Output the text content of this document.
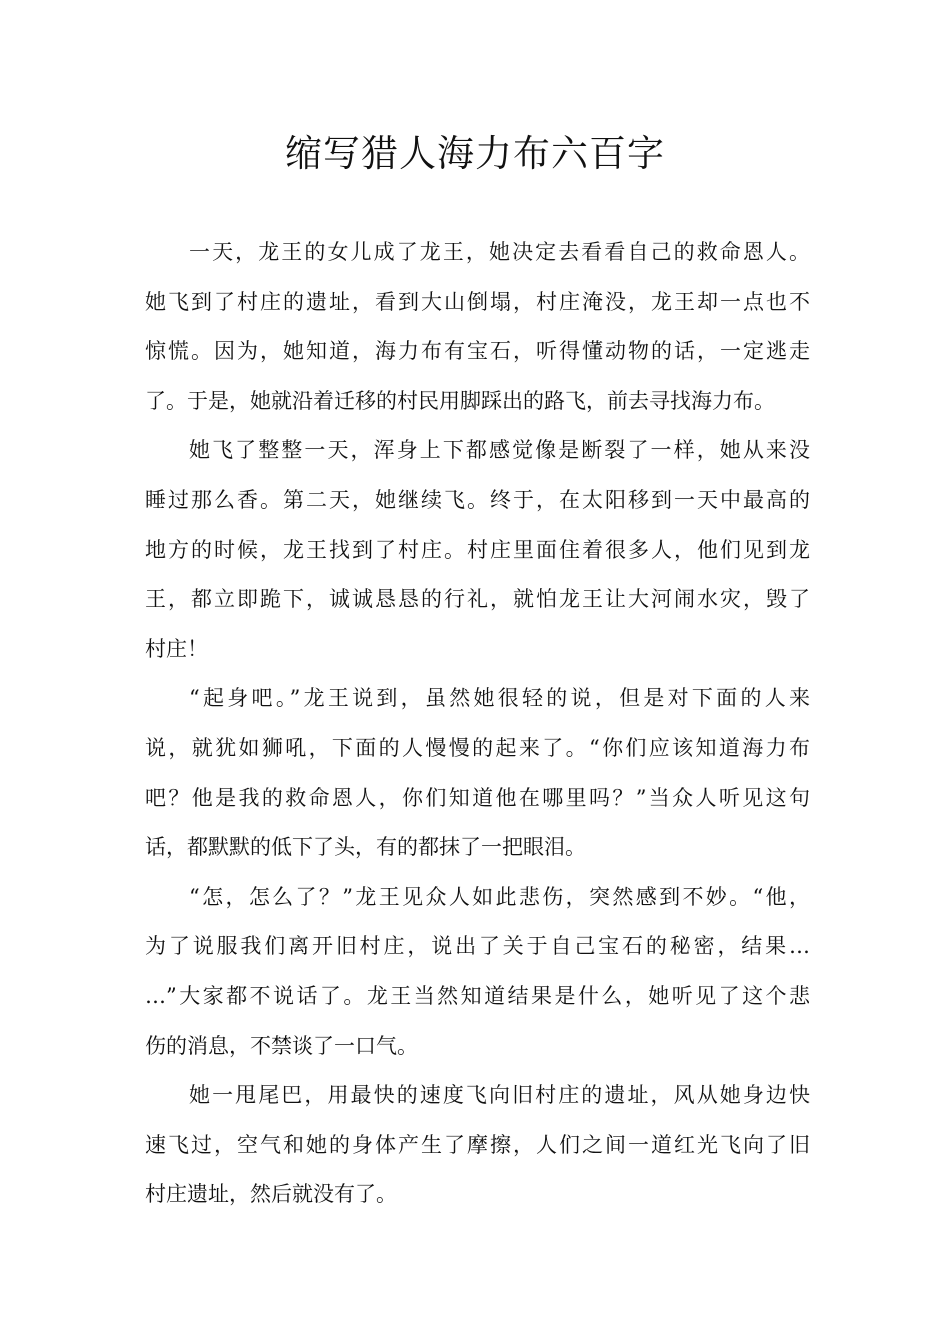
缩写猎人海力布六百字
一天，龙王的女儿成了龙王，她决定去看看自己的救命恩人。
她飞到了村庄的遗址，看到大山倒塌，村庄淹没，龙王却一点也不
惊慌。因为，她知道，海力布有宝石，听得懂动物的话，一定逃走
了。于是，她就沿着迁移的村民用脚踩出的路飞，前去寻找海力布。
她飞了整整一天，浑身上下都感觉像是断裂了一样，她从来没
睡过那么香。第二天，她继续飞。终于，在太阳移到一天中最高的
地方的时候，龙王找到了村庄。村庄里面住着很多人，他们见到龙
王，都立即跪下，诚诚恳恳的行礼，就怕龙王让大河闹水灾，毁了
村庄！
“起身吧。”龙王说到，虽然她很轻的说，但是对下面的人来
说，就犹如狮吼，下面的人慢慢的起来了。“你们应该知道海力布
吧？他是我的救命恩人，你们知道他在哪里吗？”当众人听见这句
话，都默默的低下了头，有的都抹了一把眼泪。
“怎，怎么了？”龙王见众人如此悲伤，突然感到不妙。“他，
为了说服我们离开旧村庄，说出了关于自己宝石的秘密，结果…
…”大家都不说话了。龙王当然知道结果是什么，她听见了这个悲
伤的消息，不禁谈了一口气。
她一甩尾巴，用最快的速度飞向旧村庄的遗址，风从她身边快
速飞过，空气和她的身体产生了摩擦，人们之间一道红光飞向了旧
村庄遗址，然后就没有了。
